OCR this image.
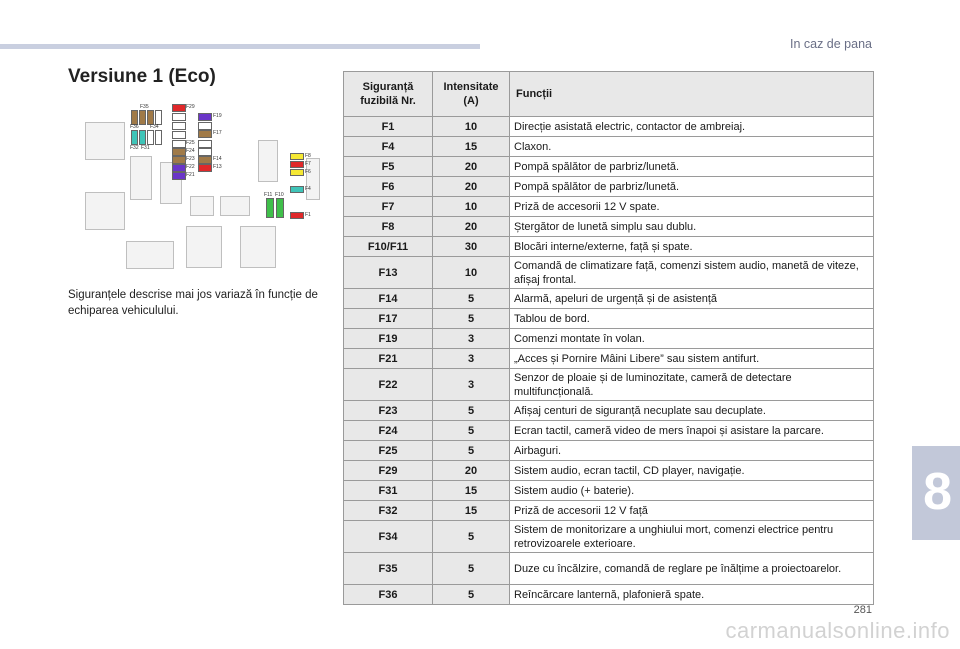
In caz de pana
Versiune 1 (Eco)
F35
F36 F34
F32 F31
F29
F25
F24
F23
F22
F21
F19
F17
F14
F13
F8
F7
F6
F4
F1
F11 F10
Siguranțele descrise mai jos variază în funcție de echiparea vehiculului.
Siguranță fuzibilă Nr.	Intensitate (A)	Funcții
F1	10	Direcție asistată electric, contactor de ambreiaj.
F4	15	Claxon.
F5	20	Pompă spălător de parbriz/lunetă.
F6	20	Pompă spălător de parbriz/lunetă.
F7	10	Priză de accesorii 12 V spate.
F8	20	Ștergător de lunetă simplu sau dublu.
F10/F11	30	Blocări interne/externe, față și spate.
F13	10	Comandă de climatizare față, comenzi sistem audio, manetă de viteze, afișaj frontal.
F14	5	Alarmă, apeluri de urgență și de asistență
F17	5	Tablou de bord.
F19	3	Comenzi montate în volan.
F21	3	„Acces și Pornire Mâini Libere” sau sistem antifurt.
F22	3	Senzor de ploaie și de luminozitate, cameră de detectare multifuncțională.
F23	5	Afișaj centuri de siguranță necuplate sau decuplate.
F24	5	Ecran tactil, cameră video de mers înapoi și asistare la parcare.
F25	5	Airbaguri.
F29	20	Sistem audio, ecran tactil, CD player, navigație.
F31	15	Sistem audio (+ baterie).
F32	15	Priză de accesorii 12 V față
F34	5	Sistem de monitorizare a unghiului mort, comenzi electrice pentru retrovizoarele exterioare.
F35	5	Duze cu încălzire, comandă de reglare pe înălțime a proiectoarelor.
F36	5	Reîncărcare lanternă, plafonieră spate.
8
281
carmanualsonline.info
